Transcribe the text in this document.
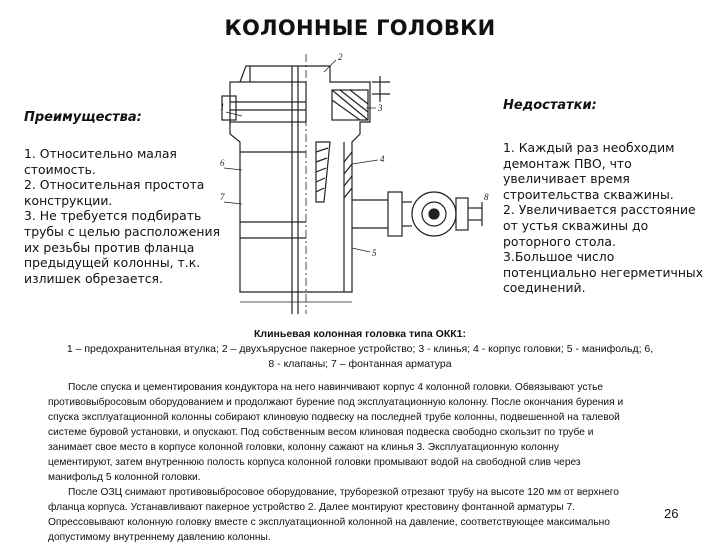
КОЛОННЫЕ ГОЛОВКИ
Преимущества:
1. Относительно малая
стоимость.
2. Относительная простота
конструкции.
3. Не требуется подбирать
трубы с целью расположения
их резьбы против фланца
предыдущей колонны, т.к.
излишек обрезается.
Недостатки:
1. Каждый раз необходим
демонтаж ПВО, что
увеличивает время
строительства скважины.
2. Увеличивается расстояние
от устья скважины до
роторного стола.
3.Большое число
потенциально негерметичных
соединений.
1
2
3
4
5
6
7	8
Клиньевая колонная головка типа ОКК1:
1 – предохранительная втулка; 2 – двухъярусное пакерное устройство; 3 - клинья; 4 - корпус головки; 5 - манифольд; 6,
8 - клапаны; 7 – фонтанная арматура
После спуска и цементирования кондуктора на него навинчивают корпус 4 колонной головки. Обвязывают устье
противовыбросовым оборудованием и продолжают бурение под эксплуатационную колонну. После окончания бурения и
спуска эксплуатационной колонны собирают клиновую подвеску на последней трубе колонны, подвешенной на талевой
системе буровой установки, и опускают. Под собственным весом клиновая подвеска свободно скользит по трубе и
занимает свое место в корпусе колонной головки, колонну сажают на клинья 3. Эксплуатационную колонну
цементируют, затем внутреннюю полость корпуса колонной головки промывают водой на свободной слив через
манифольд 5 колонной головки.
После ОЗЦ снимают противовыбросовое оборудование, труборезкой отрезают трубу на высоте 120 мм от верхнего
фланца корпуса. Устанавливают пакерное устройство 2. Далее монтируют крестовину фонтанной арматуры 7.
Опрессовывают колонную головку вместе с эксплуатационной колонной на давление, соответствующее максимально
допустимому внутреннему давлению колонны.
26
